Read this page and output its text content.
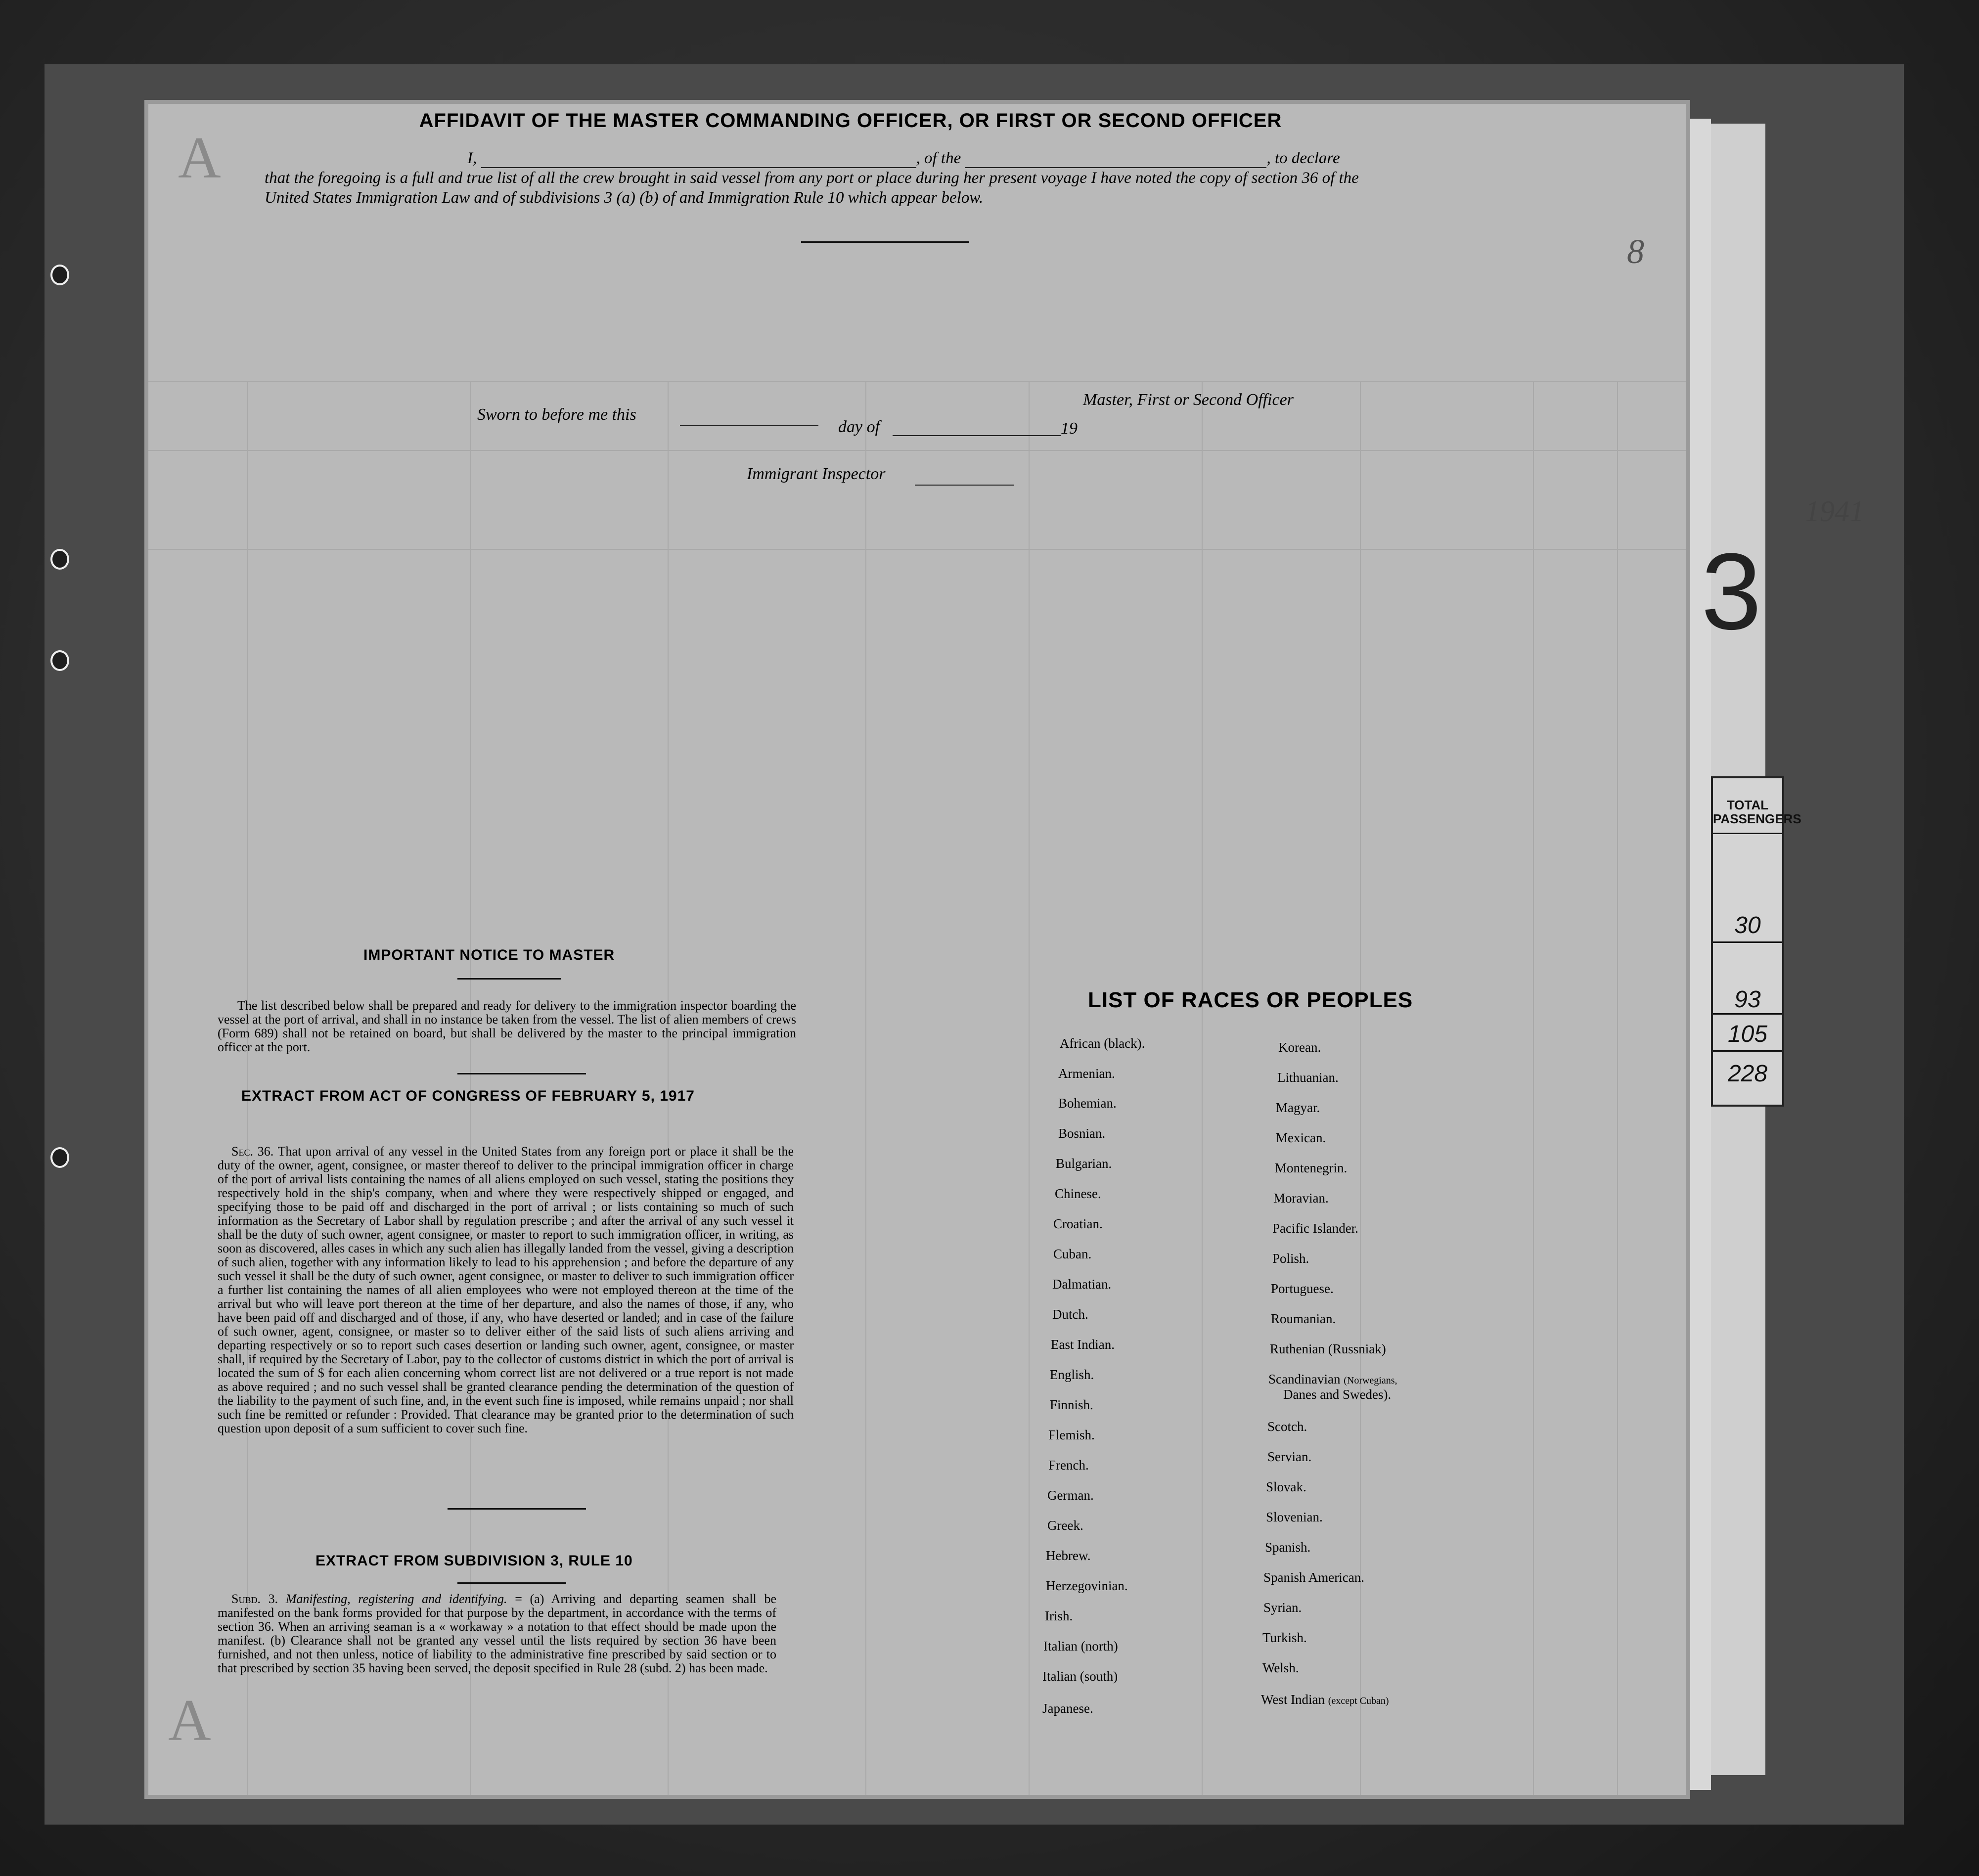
TOTAL PASSENGERS
30
93
105
228
A
A
3
1941
8
AFFIDAVIT OF THE MASTER COMMANDING OFFICER, OR FIRST OR SECOND OFFICER
I,	, of the	, to declare
that the foregoing is a full and true list of all the crew brought in said vessel from any port or place during her present voyage I have noted the copy of section 36 of the United States Immigration Law and of subdivisions 3 (a) (b) of and Immigration Rule 10 which appear below.
Master, First or Second Officer
Sworn to before me this
day of	19
Immigrant Inspector
IMPORTANT NOTICE TO MASTER
The list described below shall be prepared and ready for delivery to the immigration inspector boarding the vessel at the port of arrival, and shall in no instance be taken from the vessel. The list of alien members of crews (Form 689) shall not be retained on board, but shall be delivered by the master to the principal immigration officer at the port.
EXTRACT FROM ACT OF CONGRESS OF FEBRUARY 5, 1917
Sec. 36. That upon arrival of any vessel in the United States from any foreign port or place it shall be the duty of the owner, agent, consignee, or master thereof to deliver to the principal immigration officer in charge of the port of arrival lists containing the names of all aliens employed on such vessel, stating the positions they respectively hold in the ship's company, when and where they were respectively shipped or engaged, and specifying those to be paid off and discharged in the port of arrival ; or lists containing so much of such information as the Secretary of Labor shall by regulation prescribe ; and after the arrival of any such vessel it shall be the duty of such owner, agent consignee, or master to report to such immigration officer, in writing, as soon as discovered, alles cases in which any such alien has illegally landed from the vessel, giving a description of such alien, together with any information likely to lead to his apprehension ; and before the departure of any such vessel it shall be the duty of such owner, agent consignee, or master to deliver to such immigration officer a further list containing the names of all alien employees who were not employed thereon at the time of the arrival but who will leave port thereon at the time of her departure, and also the names of those, if any, who have been paid off and discharged and of those, if any, who have deserted or landed; and in case of the failure of such owner, agent, consignee, or master so to deliver either of the said lists of such aliens arriving and departing respectively or so to report such cases desertion or landing such owner, agent, consignee, or master shall, if required by the Secretary of Labor, pay to the collector of customs district in which the port of arrival is located the sum of $ for each alien concerning whom correct list are not delivered or a true report is not made as above required ; and no such vessel shall be granted clearance pending the determination of the question of the liability to the payment of such fine, and, in the event such fine is imposed, while remains unpaid ; nor shall such fine be remitted or refunder : Provided. That clearance may be granted prior to the determination of such question upon deposit of a sum sufficient to cover such fine.
EXTRACT FROM SUBDIVISION 3, RULE 10
Subd. 3. Manifesting, registering and identifying. = (a) Arriving and departing seamen shall be manifested on the bank forms provided for that purpose by the department, in accordance with the terms of section 36. When an arriving seaman is a « workaway » a notation to that effect should be made upon the manifest. (b) Clearance shall not be granted any vessel until the lists required by section 36 have been furnished, and not then unless, notice of liability to the administrative fine prescribed by said section or to that prescribed by section 35 having been served, the deposit specified in Rule 28 (subd. 2) has been made.
LIST OF RACES OR PEOPLES
African (black).
Armenian.
Bohemian.
Bosnian.
Bulgarian.
Chinese.
Croatian.
Cuban.
Dalmatian.
Dutch.
East Indian.
English.
Finnish.
Flemish.
French.
German.
Greek.
Hebrew.
Herzegovinian.
Irish.
Italian (north)
Italian (south)
Japanese.
Korean.
Lithuanian.
Magyar.
Mexican.
Montenegrin.
Moravian.
Pacific Islander.
Polish.
Portuguese.
Roumanian.
Ruthenian (Russniak)
Scandinavian (Norwegians,
Danes and Swedes).
Scotch.
Servian.
Slovak.
Slovenian.
Spanish.
Spanish American.
Syrian.
Turkish.
Welsh.
West Indian (except Cuban)
